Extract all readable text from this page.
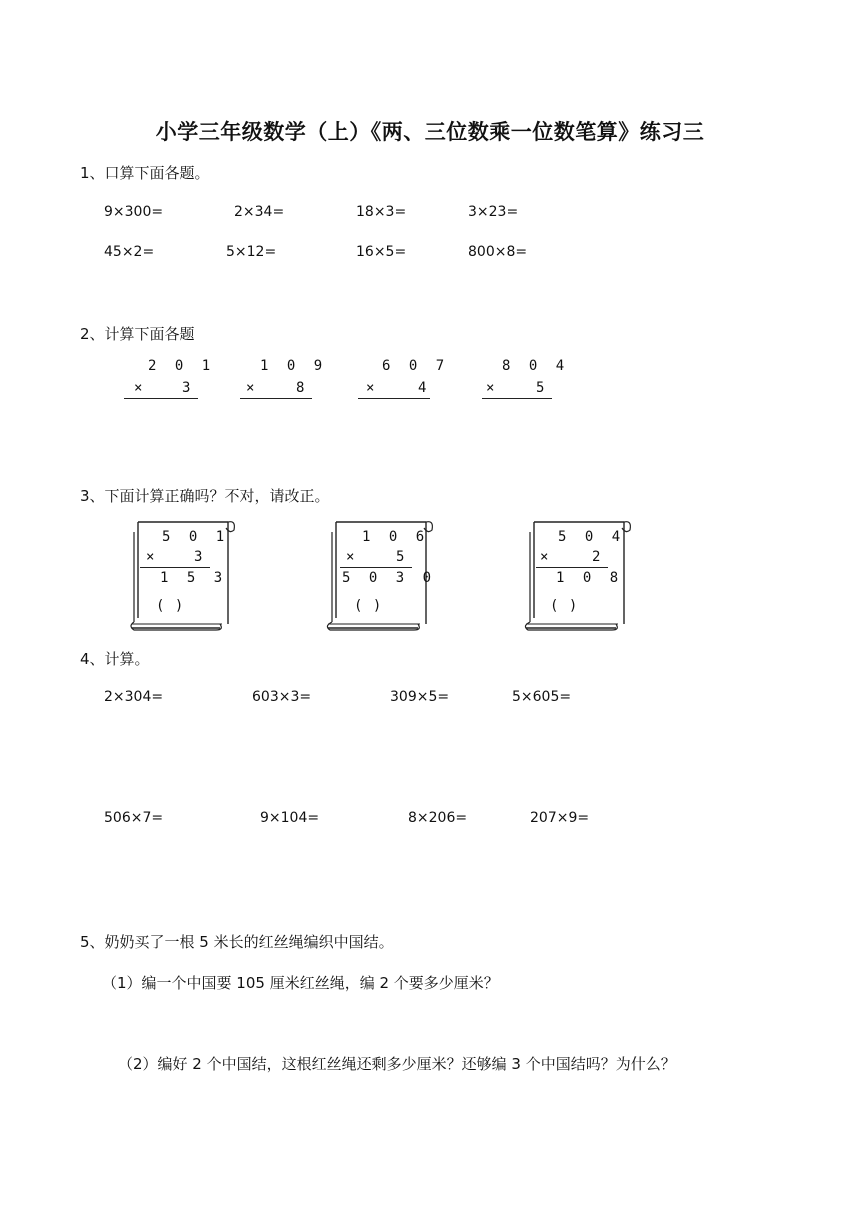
小学三年级数学（上）《两、三位数乘一位数笔算》练习三
1、口算下面各题。
9×300=	2×34=	18×3=	3×23=
45×2=	5×12=	16×5=	800×8=
2、计算下面各题
2 0 1
× 3
1 0 9
×	8
6 0 7
×	4
8 0 4
×	5
3、下面计算正确吗？不对，请改正。
5 0 1
× 3
1 5 3
( )
1 0 6
×	5
5 0 3 0
( )
5 0 4
×	2
1 0 8
( )
4、计算。
2×304=	603×3=	309×5=	5×605=
506×7=	9×104=	8×206=	207×9=
5、奶奶买了一根 5 米长的红丝绳编织中国结。
（1）编一个中国要 105 厘米红丝绳，编 2 个要多少厘米？
（2）编好 2 个中国结，这根红丝绳还剩多少厘米？还够编 3 个中国结吗？为什么？
